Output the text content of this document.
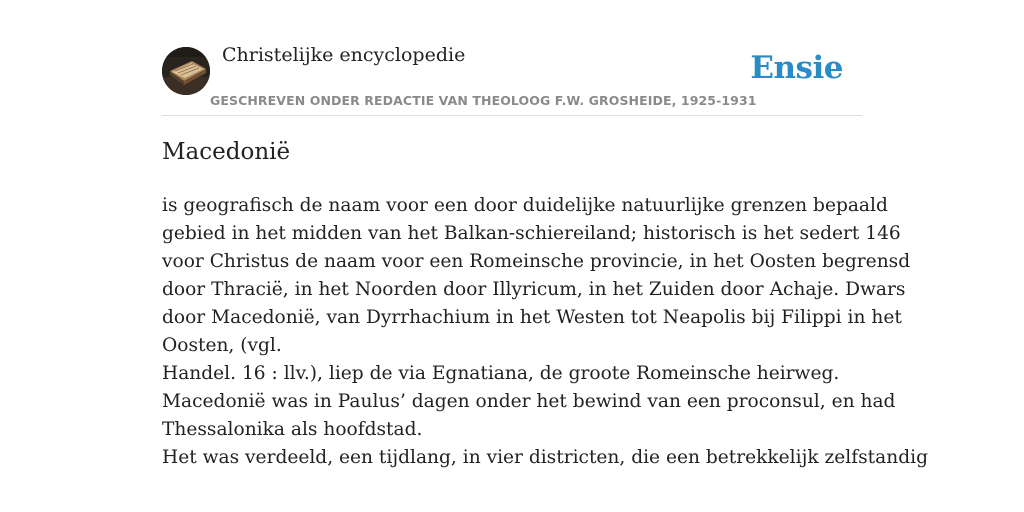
Christelijke encyclopedie
GESCHREVEN ONDER REDACTIE VAN THEOLOOG F.W. GROSHEIDE, 1925-1931
Ensie
Macedonië

is geografisch de naam voor een door duidelijke natuurlijke grenzen bepaald
gebied in het midden van het Balkan-schiereiland; historisch is het sedert 146
voor Christus de naam voor een Romeinsche provincie, in het Oosten begrensd
door Thracië, in het Noorden door Illyricum, in het Zuiden door Achaje. Dwars
door Macedonië, van Dyrrhachium in het Westen tot Neapolis bij Filippi in het
Oosten, (vgl.

Handel. 16 : llv.), liep de via Egnatiana, de groote Romeinsche heirweg.
Macedonië was in Paulus’ dagen onder het bewind van een proconsul, en had
Thessalonika als hoofdstad.

Het was verdeeld, een tijdlang, in vier districten, die een betrekkelijk zelfstandig
